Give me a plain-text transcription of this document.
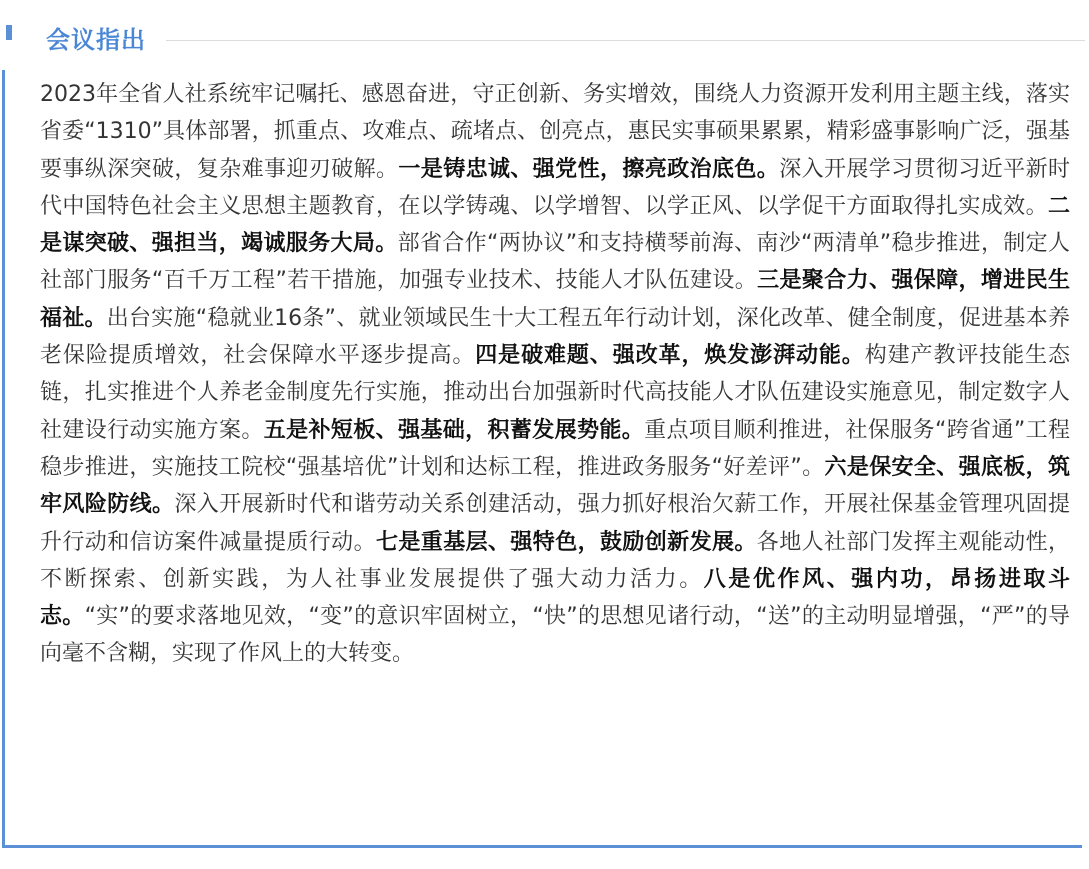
会议指出

2023年全省人社系统牢记嘱托、感恩奋进，守正创新、务实增效，围绕人力资源开发利用主题主线，落实省委“1310”具体部署，抓重点、攻难点、疏堵点、创亮点，惠民实事硕果累累，精彩盛事影响广泛，强基要事纵深突破，复杂难事迎刃破解。一是铸忠诚、强党性，擦亮政治底色。深入开展学习贯彻习近平新时代中国特色社会主义思想主题教育，在以学铸魂、以学增智、以学正风、以学促干方面取得扎实成效。二是谋突破、强担当，竭诚服务大局。部省合作“两协议”和支持横琴前海、南沙“两清单”稳步推进，制定人社部门服务“百千万工程”若干措施，加强专业技术、技能人才队伍建设。三是聚合力、强保障，增进民生福祉。出台实施“稳就业16条”、就业领域民生十大工程五年行动计划，深化改革、健全制度，促进基本养老保险提质增效，社会保障水平逐步提高。四是破难题、强改革，焕发澎湃动能。构建产教评技能生态链，扎实推进个人养老金制度先行实施，推动出台加强新时代高技能人才队伍建设实施意见，制定数字人社建设行动实施方案。五是补短板、强基础，积蓄发展势能。重点项目顺利推进，社保服务“跨省通”工程稳步推进，实施技工院校“强基培优”计划和达标工程，推进政务服务“好差评”。六是保安全、强底板，筑牢风险防线。深入开展新时代和谐劳动关系创建活动，强力抓好根治欠薪工作，开展社保基金管理巩固提升行动和信访案件减量提质行动。七是重基层、强特色，鼓励创新发展。各地人社部门发挥主观能动性，不断探索、创新实践，为人社事业发展提供了强大动力活力。八是优作风、强内功，昂扬进取斗志。“实”的要求落地见效，“变”的意识牢固树立，“快”的思想见诸行动，“送”的主动明显增强，“严”的导向毫不含糊，实现了作风上的大转变。
